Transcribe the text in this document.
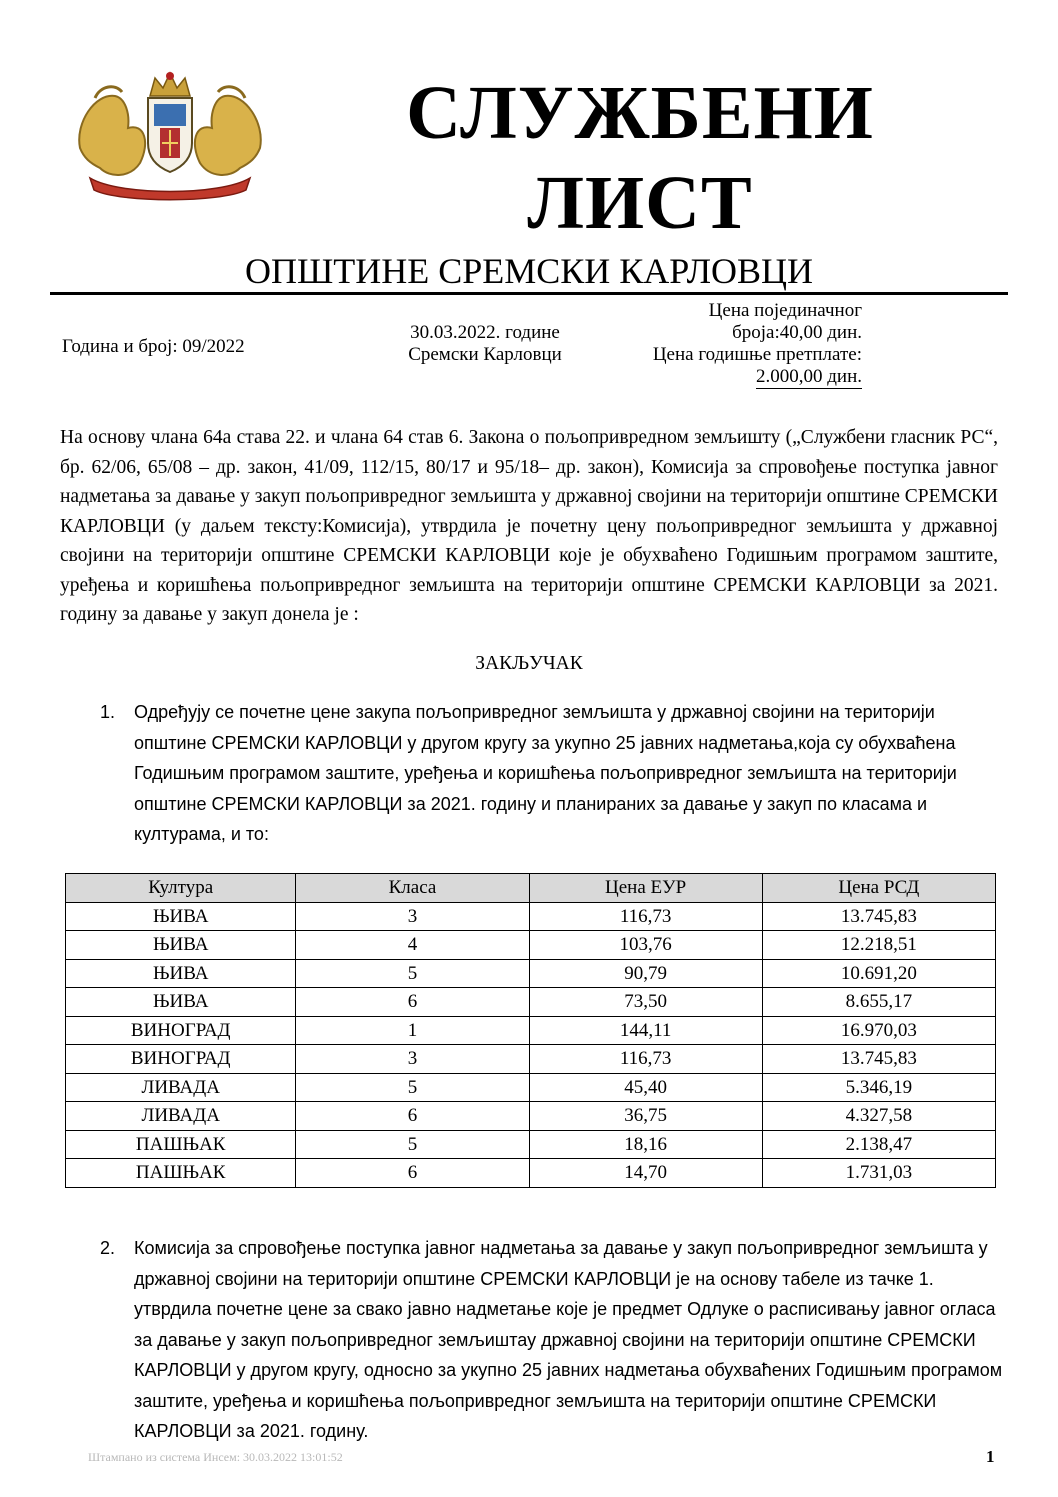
СЛУЖБЕНИ
ЛИСТ
ОПШТИНЕ СРЕМСКИ КАРЛОВЦИ
Година и број: 09/2022
30.03.2022. године
Сремски Карловци
Цена појединачног
броја:40,00 дин.
Цена годишње претплате:
2.000,00 дин.
На основу члана 64а става 22. и члана 64 став 6. Закона о пољопривредном земљишту („Службени гласник РС“, бр. 62/06, 65/08 – др. закон, 41/09, 112/15, 80/17 и 95/18– др. закон), Комисија за спровођење поступка јавног надметања за давање у закуп пољопривредног земљишта у државној својини на територији општине СРЕМСКИ КАРЛОВЦИ (у даљем тексту:Комисија), утврдила је почетну цену пољопривредног земљишта у државној својини на територији општине СРЕМСКИ КАРЛОВЦИ које је обухваћено Годишњим програмом заштите, уређења и коришћења пољопривредног земљишта на територији општине СРЕМСКИ КАРЛОВЦИ за 2021. годину за давање у закуп донела је :
ЗАКЉУЧАК
1.	Одређују се почетне цене закупа пољопривредног земљишта у државној својини на територији општине СРЕМСКИ КАРЛОВЦИ у другом кругу за укупно 25 јавних надметања,која су обухваћена Годишњим програмом заштите, уређења и коришћења пољопривредног земљишта на територији општине СРЕМСКИ КАРЛОВЦИ за 2021. годину и планираних за давање у закуп по класама и културама, и то:
Култура	Класа	Цена ЕУР	Цена РСД
ЊИВА	3	116,73	13.745,83
ЊИВА	4	103,76	12.218,51
ЊИВА	5	90,79	10.691,20
ЊИВА	6	73,50	8.655,17
ВИНОГРАД	1	144,11	16.970,03
ВИНОГРАД	3	116,73	13.745,83
ЛИВАДА	5	45,40	5.346,19
ЛИВАДА	6	36,75	4.327,58
ПАШЊАК	5	18,16	2.138,47
ПАШЊАК	6	14,70	1.731,03
2.	Комисија за спровођење поступка јавног надметања за давање у закуп пољопривредног земљишта у државној својини на територији општине СРЕМСКИ КАРЛОВЦИ је на основу табеле из тачке 1. утврдила почетне цене за свако јавно надметање које је предмет Одлуке о расписивању јавног огласа за давање у закуп пољопривредног земљиштау државној својини на територији општине СРЕМСКИ КАРЛОВЦИ у другом кругу, односно за укупно 25 јавних надметања обухваћених Годишњим програмом заштите, уређења и коришћења пољопривредног земљишта на територији општине СРЕМСКИ КАРЛОВЦИ за 2021. годину.
Штампано из система Инсем: 30.03.2022 13:01:52	1
